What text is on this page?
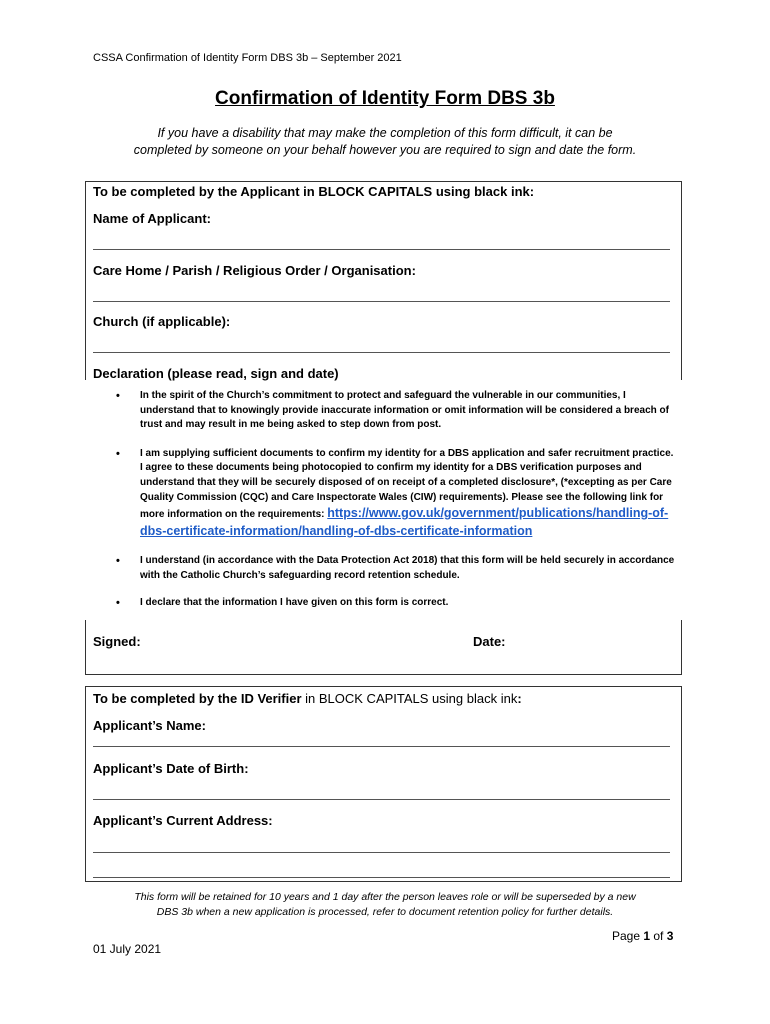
CSSA Confirmation of Identity Form DBS 3b – September 2021
Confirmation of Identity Form DBS 3b
If you have a disability that may make the completion of this form difficult, it can be
completed by someone on your behalf however you are required to sign and date the form.
To be completed by the Applicant in BLOCK CAPITALS using black ink:
Name of Applicant:
Care Home / Parish / Religious Order / Organisation:
Church (if applicable):
Declaration (please read, sign and date)
• In the spirit of the Church’s commitment to protect and safeguard the vulnerable in our communities, I understand that to knowingly provide inaccurate information or omit information will be considered a breach of trust and may result in me being asked to step down from post.
• I am supplying sufficient documents to confirm my identity for a DBS application and safer recruitment practice. I agree to these documents being photocopied to confirm my identity for a DBS verification purposes and understand that they will be securely disposed of on receipt of a completed disclosure*, (*excepting as per Care Quality Commission (CQC) and Care Inspectorate Wales (CIW) requirements). Please see the following link for more information on the requirements: https://www.gov.uk/government/publications/handling-of-dbs-certificate-information/handling-of-dbs-certificate-information
• I understand (in accordance with the Data Protection Act 2018) that this form will be held securely in accordance with the Catholic Church’s safeguarding record retention schedule.
• I declare that the information I have given on this form is correct.
Signed:	Date:
To be completed by the ID Verifier in BLOCK CAPITALS using black ink:
Applicant’s Name:
Applicant’s Date of Birth:
Applicant’s Current Address:
This form will be retained for 10 years and 1 day after the person leaves role or will be superseded by a new
DBS 3b when a new application is processed, refer to document retention policy for further details.
Page 1 of 3
01 July 2021
